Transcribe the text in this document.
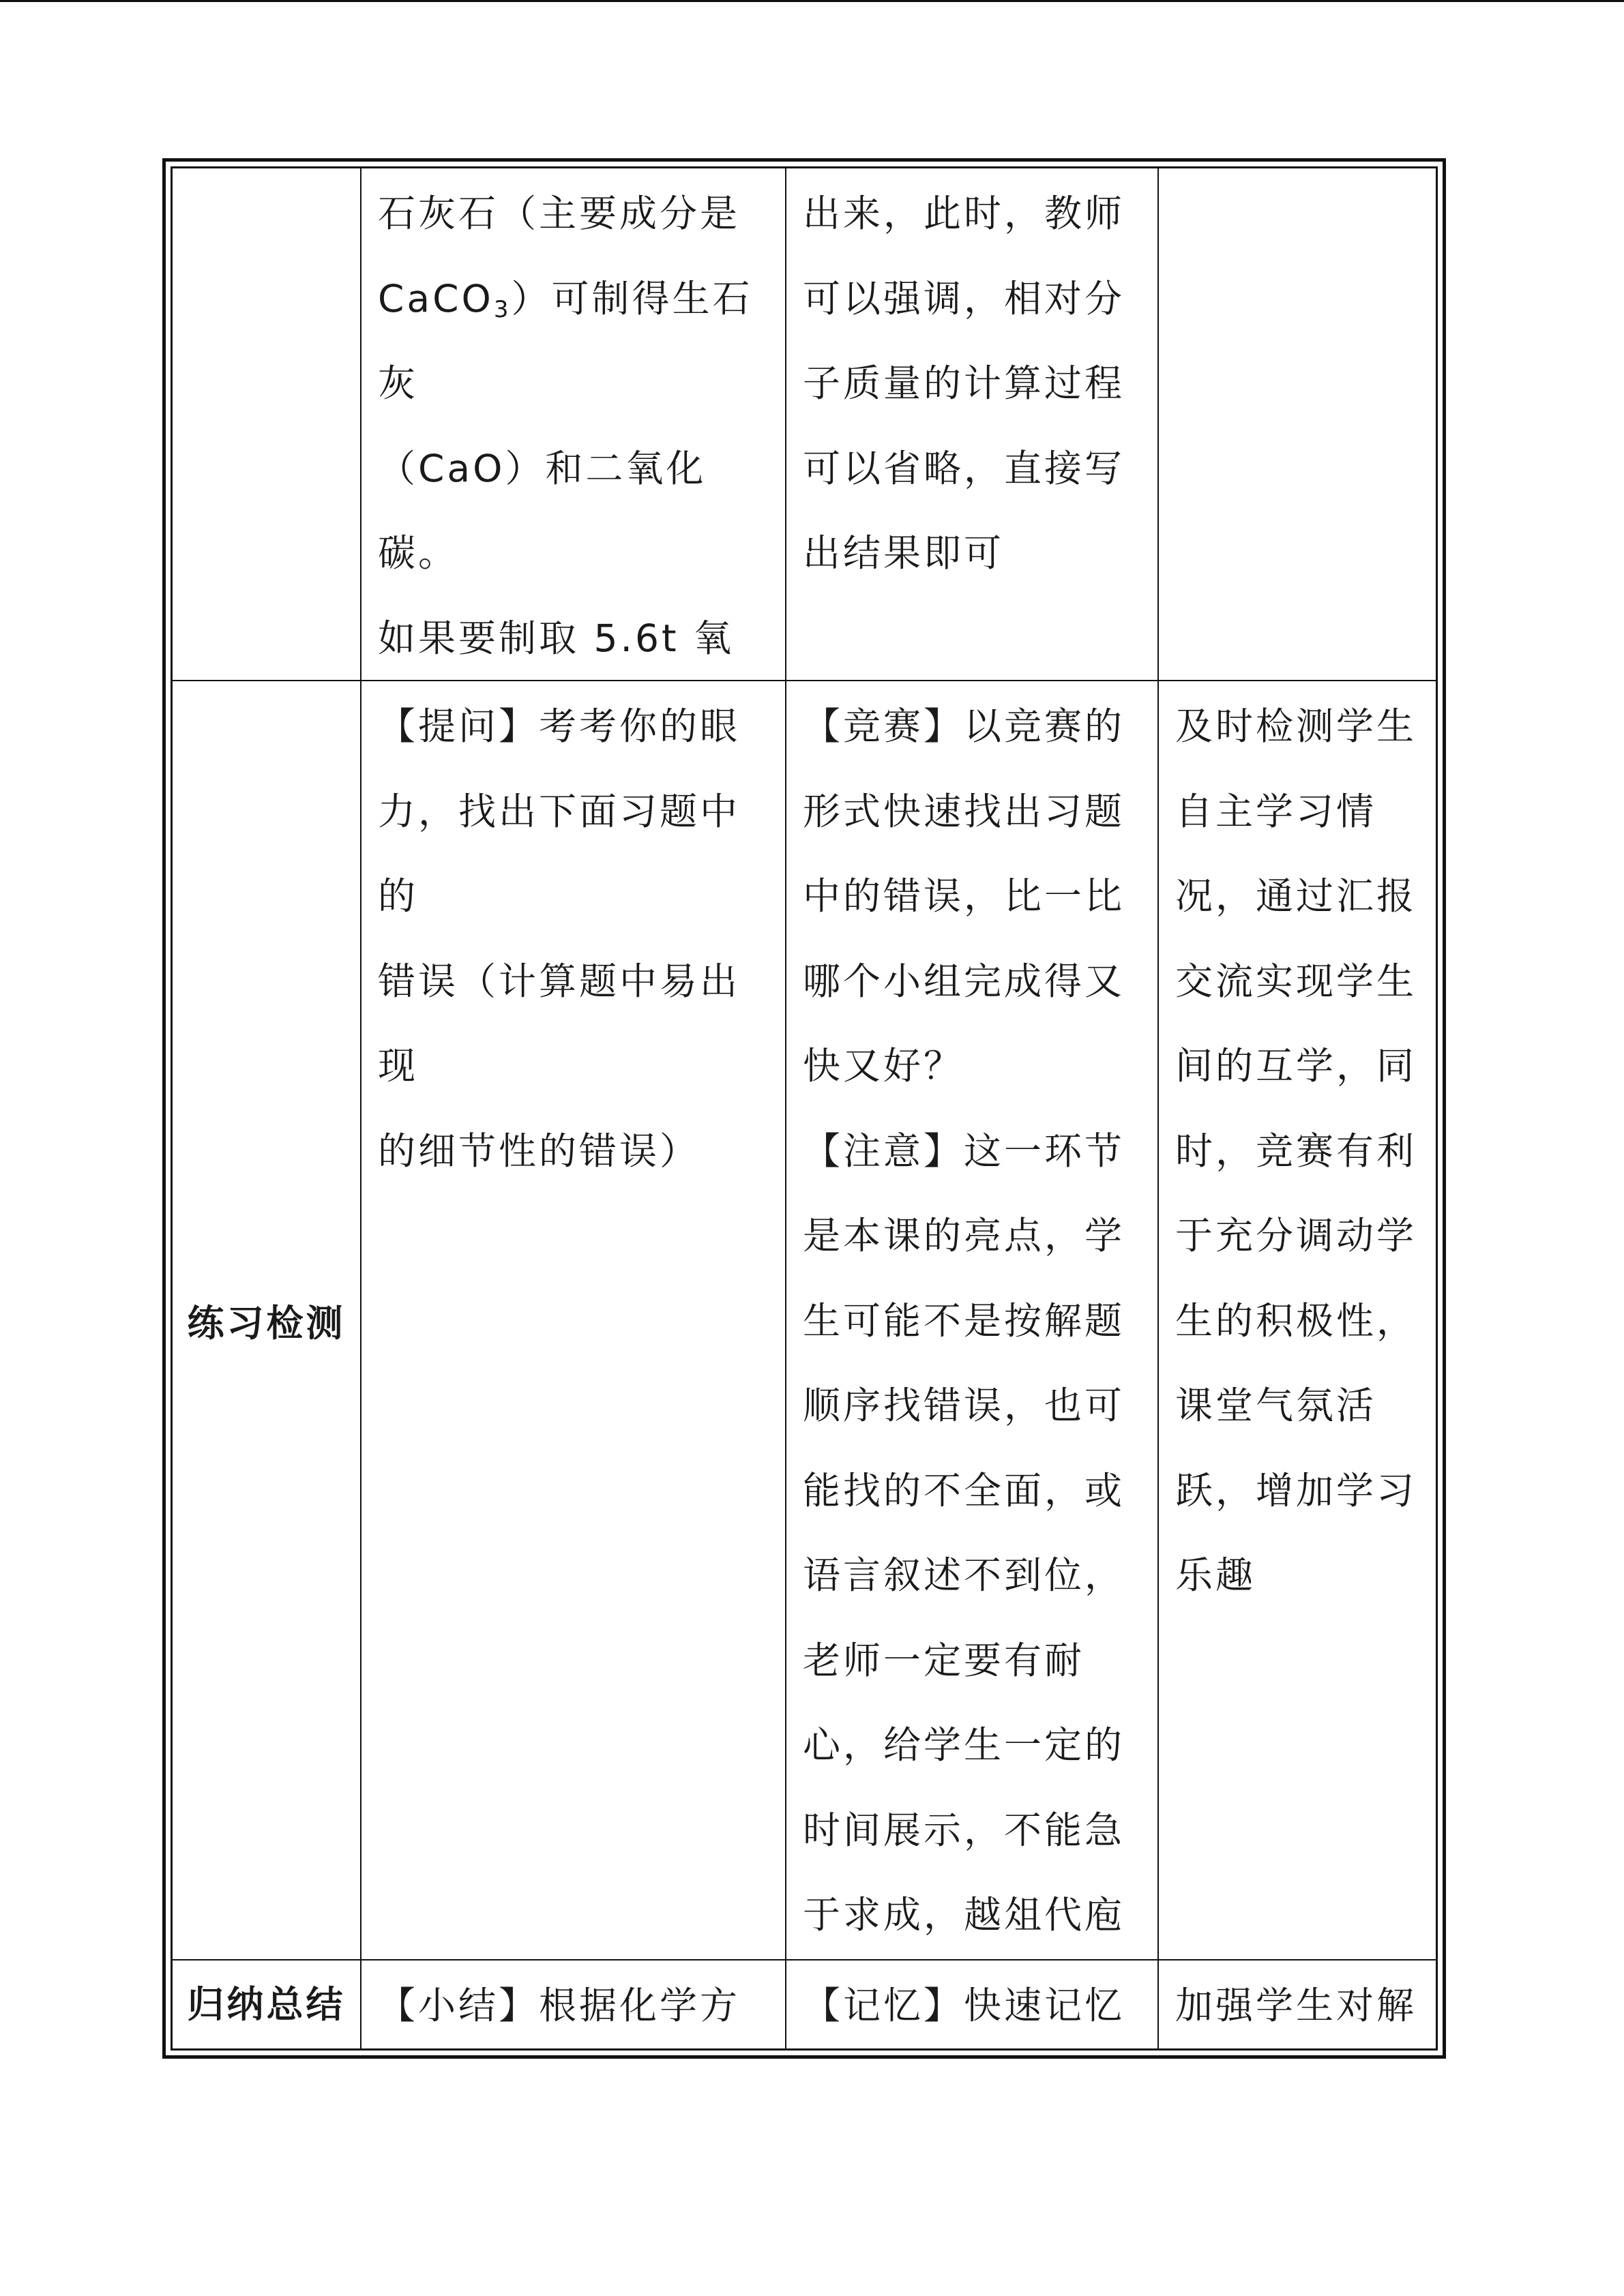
石灰石（主要成分是

CaCO$_3$）可制得生石灰

（CaO）和二氧化碳。

如果要制取 5.6t 氧

出来，此时，教师

可以强调，相对分

子质量的计算过程

可以省略，直接写

出结果即可

练习检测

【提问】考考你的眼

力，找出下面习题中的

错误（计算题中易出现

的细节性的错误）

【竞赛】以竞赛的

形式快速找出习题

中的错误，比一比

哪个小组完成得又

快又好？

【注意】这一环节

是本课的亮点，学

生可能不是按解题

顺序找错误，也可

能找的不全面，或

语言叙述不到位，

老师一定要有耐

心，给学生一定的

时间展示，不能急

于求成，越俎代庖

及时检测学生

自主学习情

况，通过汇报

交流实现学生

间的互学，同

时，竞赛有利

于充分调动学

生的积极性，

课堂气氛活

跃，增加学习

乐趣

归纳总结 【小结】根据化学方	【记忆】快速记忆	加强学生对解
